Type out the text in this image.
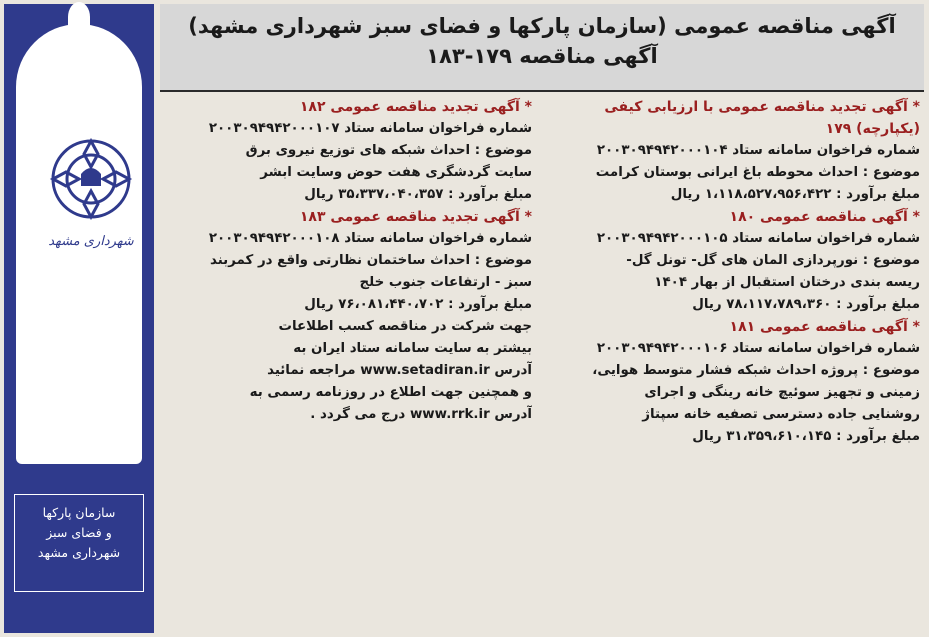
شهرداری مشهد
سازمان پارکها
و فضای سبز
شهرداری مشهد
آگهی مناقصه عمومی (سازمان پارکها و فضای سبز شهرداری مشهد)
آگهی مناقصه ۱۷۹-۱۸۳
* آگهی تجدید مناقصه عمومی با ارزیابی کیفی
(یکپارچه) ۱۷۹
شماره فراخوان سامانه ستاد ۲۰۰۳۰۹۴۹۴۲۰۰۰۱۰۴
موضوع : احداث محوطه باغ ایرانی بوستان کرامت
مبلغ برآورد : ۱،۱۱۸،۵۲۷،۹۵۶،۴۲۲ ریال
* آگهی مناقصه عمومی ۱۸۰
شماره فراخوان سامانه ستاد ۲۰۰۳۰۹۴۹۴۲۰۰۰۱۰۵
موضوع : نورپردازی المان های گل- تونل گل-
ریسه بندی درختان استقبال از بهار ۱۴۰۴
مبلغ برآورد : ۷۸،۱۱۷،۷۸۹،۳۶۰ ریال
* آگهی مناقصه عمومی ۱۸۱
شماره فراخوان سامانه ستاد ۲۰۰۳۰۹۴۹۴۲۰۰۰۱۰۶
موضوع : پروژه احداث شبکه فشار متوسط هوایی،
زمینی و تجهیز سوئیچ خانه رینگی و اجرای
روشنایی جاده دسترسی تصفیه خانه سپتاژ
مبلغ برآورد : ۳۱،۳۵۹،۶۱۰،۱۴۵ ریال
* آگهی تجدید مناقصه عمومی ۱۸۲
شماره فراخوان سامانه ستاد ۲۰۰۳۰۹۴۹۴۲۰۰۰۱۰۷
موضوع : احداث شبکه های توزیع نیروی برق
سایت گردشگری هفت حوض وسایت ابشر
مبلغ برآورد : ۳۵،۳۳۷،۰۴۰،۳۵۷ ریال
* آگهی تجدید مناقصه عمومی ۱۸۳
شماره فراخوان سامانه ستاد ۲۰۰۳۰۹۴۹۴۲۰۰۰۱۰۸
موضوع : احداث ساختمان نظارتی واقع در کمربند
سبز - ارتفاعات جنوب خلج
مبلغ برآورد : ۷۶،۰۸۱،۴۴۰،۷۰۲ ریال
جهت شرکت در مناقصه کسب اطلاعات
بیشتر به سایت سامانه ستاد ایران به
آدرس www.setadiran.ir مراجعه نمائید
و همچنین جهت اطلاع در روزنامه رسمی به
آدرس www.rrk.ir درج می گردد .
